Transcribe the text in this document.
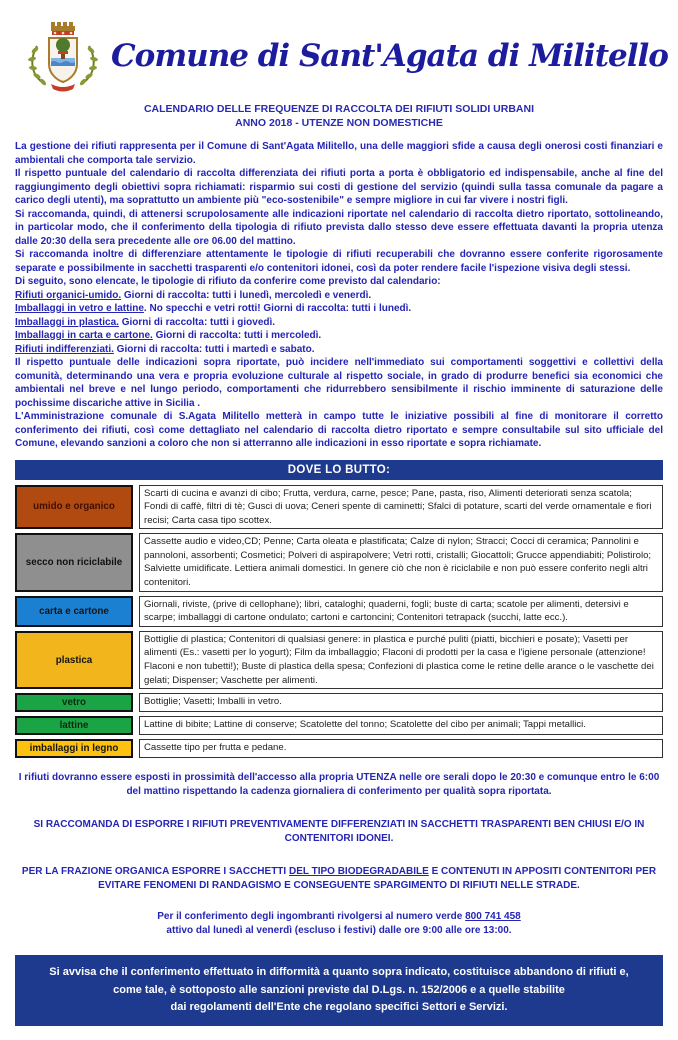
Comune di Sant'Agata di Militello
CALENDARIO DELLE FREQUENZE DI RACCOLTA DEI RIFIUTI SOLIDI URBANI
ANNO 2018 - UTENZE NON DOMESTICHE

La gestione dei rifiuti rappresenta per il Comune di Sant'Agata Militello, una delle maggiori sfide a causa degli onerosi costi finanziari e ambientali che comporta tale servizio.

Il rispetto puntuale del calendario di raccolta differenziata dei rifiuti porta a porta è obbligatorio ed indispensabile, anche al fine del raggiungimento degli obiettivi sopra richiamati: risparmio sui costi di gestione del servizio (quindi sulla tassa comunale da pagare a carico degli utenti), ma soprattutto un ambiente più "eco-sostenibile" e sempre migliore in cui far vivere i nostri figli.

Si raccomanda, quindi, di attenersi scrupolosamente alle indicazioni riportate nel calendario di raccolta dietro riportato, sottolineando, in particolar modo, che il conferimento della tipologia di rifiuto prevista dallo stesso deve essere effettuata davanti la propria utenza dalle 20:30 della sera precedente alle ore 06.00 del mattino.

Si raccomanda inoltre di differenziare attentamente le tipologie di rifiuti recuperabili che dovranno essere conferite rigorosamente separate e possibilmente in sacchetti trasparenti e/o contenitori idonei, così da poter rendere facile l'ispezione visiva degli stessi.

Di seguito, sono elencate, le tipologie di rifiuto da conferire come previsto dal calendario:

Rifiuti organici-umido. Giorni di raccolta: tutti i lunedì, mercoledì e venerdì.

Imballaggi in vetro e lattine. No specchi e vetri rotti! Giorni di raccolta: tutti i lunedì.

Imballaggi in plastica. Giorni di raccolta: tutti i giovedì.

Imballaggi in carta e cartone. Giorni di raccolta: tutti i mercoledì.

Rifiuti indifferenziati. Giorni di raccolta: tutti i martedì e sabato.

Il rispetto puntuale delle indicazioni sopra riportate, può incidere nell'immediato sui comportamenti soggettivi e collettivi della comunità, determinando una vera e propria evoluzione culturale al rispetto sociale, in grado di produrre benefici sia economici che ambientali nel breve e nel lungo periodo, comportamenti che ridurrebbero sensibilmente il rischio imminente di saturazione delle pochissime discariche attive in Sicilia .

L'Amministrazione comunale di S.Agata Militello metterà in campo tutte le iniziative possibili al fine di monitorare il corretto conferimento dei rifiuti, così come dettagliato nel calendario di raccolta dietro riportato e sempre consultabile sul sito ufficiale del Comune, elevando sanzioni a coloro che non si atterranno alle indicazioni in esso riportate e sopra richiamate.

DOVE LO BUTTO:
umido e organico
Scarti di cucina e avanzi di cibo; Frutta, verdura, carne, pesce; Pane, pasta, riso, Alimenti deteriorati senza scatola; Fondi di caffè, filtri di tè; Gusci di uova; Ceneri spente di caminetti; Sfalci di potature, scarti del verde ornamentale e fiori recisi; Carta casa tipo scottex.
secco non riciclabile
Cassette audio e video,CD; Penne; Carta oleata e plastificata; Calze di nylon; Stracci; Cocci di ceramica; Pannolini e pannoloni, assorbenti; Cosmetici; Polveri di aspirapolvere; Vetri rotti, cristalli; Giocattoli; Grucce appendiabiti; Polistirolo; Salviette umidificate. Lettiera animali domestici. In genere ciò che non è riciclabile e non può essere conferito negli altri contenitori.
carta e cartone
Giornali, riviste, (prive di cellophane); libri, cataloghi; quaderni, fogli; buste di carta; scatole per alimenti, detersivi e scarpe; imballaggi di cartone ondulato; cartoni e cartoncini; Contenitori tetrapack (succhi, latte ecc.).
plastica
Bottiglie di plastica; Contenitori di qualsiasi genere: in plastica e purché puliti (piatti, bicchieri e posate); Vasetti per alimenti (Es.: vasetti per lo yogurt); Film da imballaggio; Flaconi di prodotti per la casa e l'igiene personale (attenzione! Flaconi e non tubetti!); Buste di plastica della spesa; Confezioni di plastica come le retine delle arance o le vaschette dei gelati; Dispenser; Vaschette per alimenti.
vetro	Bottiglie; Vasetti; Imballi in vetro.
lattine	Lattine di bibite; Lattine di conserve; Scatolette del tonno; Scatolette del cibo per animali; Tappi metallici.
imballaggi in legno	Cassette tipo per frutta e pedane.
I rifiuti dovranno essere esposti in prossimità dell'accesso alla propria UTENZA nelle ore serali dopo le 20:30 e comunque entro le 6:00 del mattino rispettando la cadenza giornaliera di conferimento per qualità sopra riportata.
SI RACCOMANDA DI ESPORRE I RIFIUTI PREVENTIVAMENTE DIFFERENZIATI IN SACCHETTI TRASPARENTI BEN CHIUSI E/O IN CONTENITORI IDONEI.
PER LA FRAZIONE ORGANICA ESPORRE I SACCHETTI DEL TIPO BIODEGRADABILE E CONTENUTI IN APPOSITI CONTENITORI PER EVITARE FENOMENI DI RANDAGISMO E CONSEGUENTE SPARGIMENTO DI RIFIUTI NELLE STRADE.
Per il conferimento degli ingombranti rivolgersi al numero verde 800 741 458
attivo dal lunedì al venerdì (escluso i festivi) dalle ore 9:00 alle ore 13:00.
Si avvisa che il conferimento effettuato in difformità a quanto sopra indicato, costituisce abbandono di rifiuti e,
come tale, è sottoposto alle sanzioni previste dal D.Lgs. n. 152/2006 e a quelle stabilite
dai regolamenti dell'Ente che regolano specifici Settori e Servizi.
